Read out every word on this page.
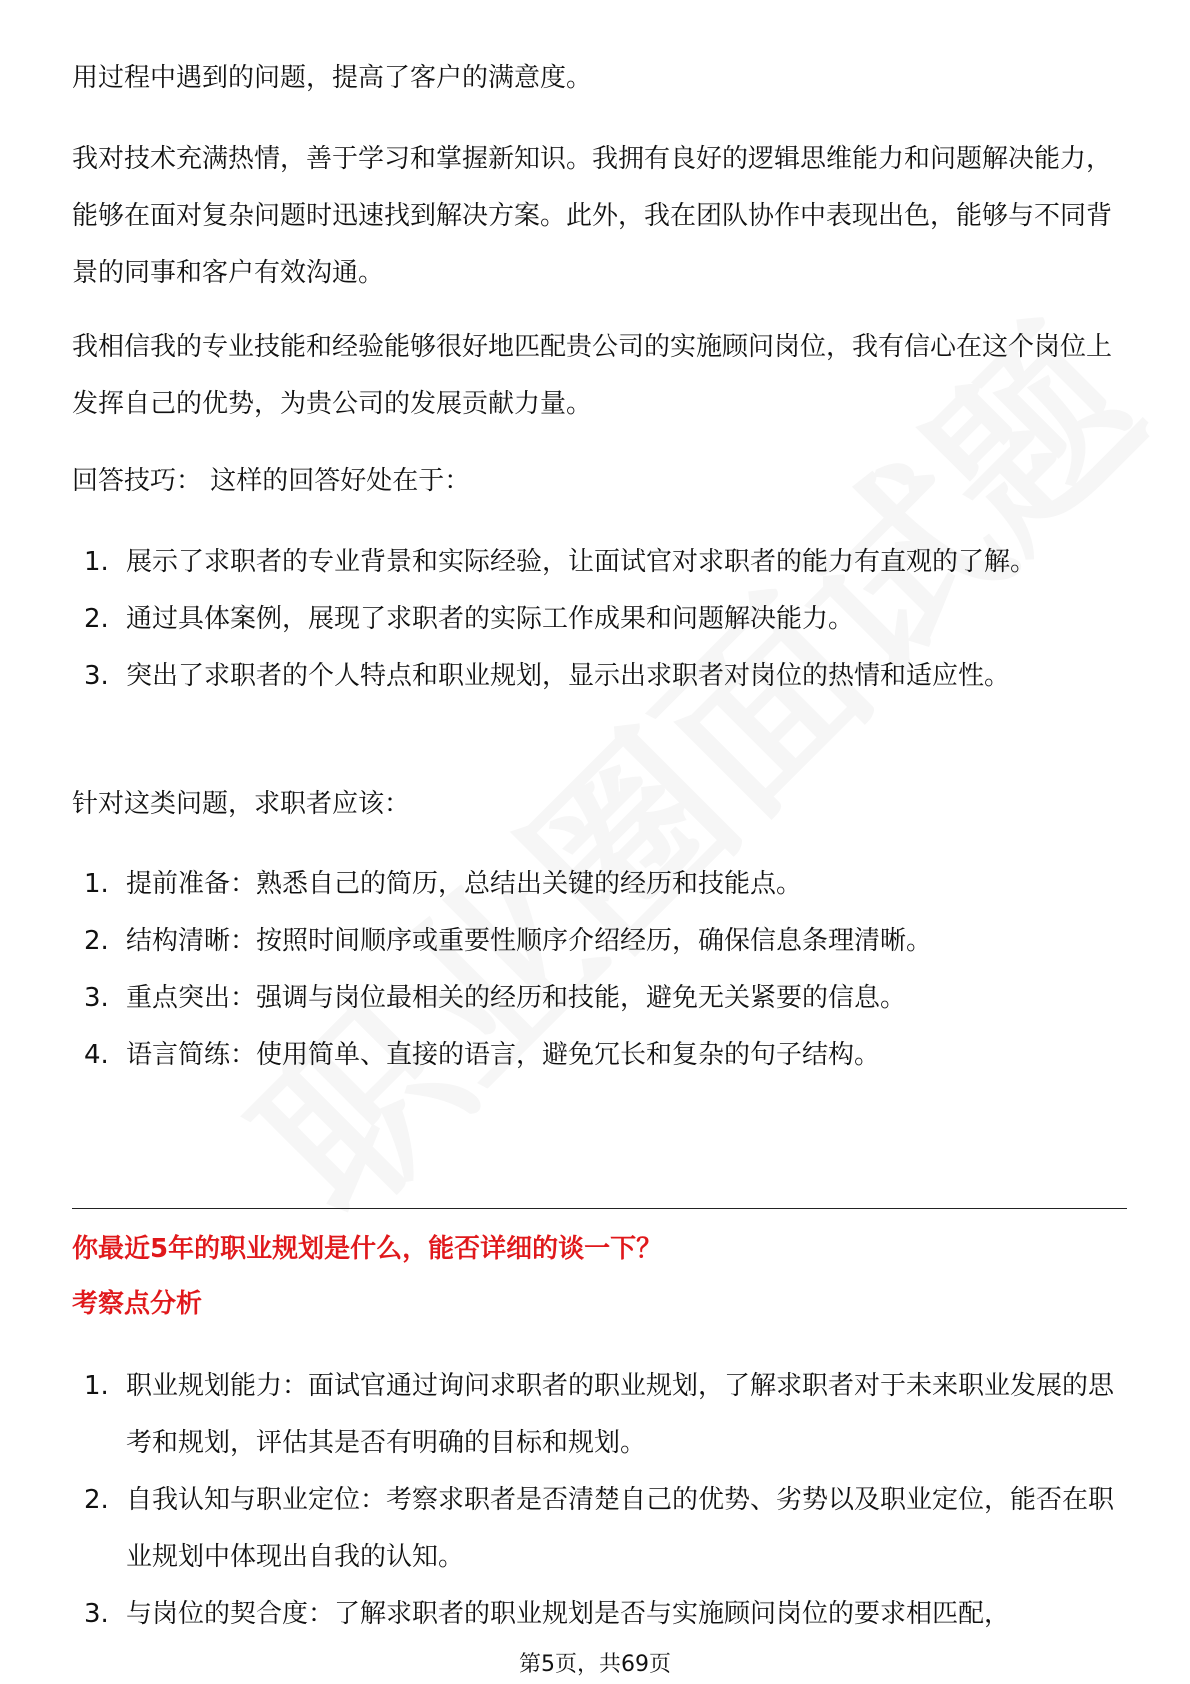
用过程中遇到的问题，提高了客户的满意度。

我对技术充满热情，善于学习和掌握新知识。我拥有良好的逻辑思维能力和问题解决能力，能够在面对复杂问题时迅速找到解决方案。此外，我在团队协作中表现出色，能够与不同背景的同事和客户有效沟通。

我相信我的专业技能和经验能够很好地匹配贵公司的实施顾问岗位，我有信心在这个岗位上发挥自己的优势，为贵公司的发展贡献力量。

回答技巧： 这样的回答好处在于：

1. 展示了求职者的专业背景和实际经验，让面试官对求职者的能力有直观的了解。
2. 通过具体案例，展现了求职者的实际工作成果和问题解决能力。
3. 突出了求职者的个人特点和职业规划，显示出求职者对岗位的热情和适应性。

针对这类问题，求职者应该：

1. 提前准备：熟悉自己的简历，总结出关键的经历和技能点。
2. 结构清晰：按照时间顺序或重要性顺序介绍经历，确保信息条理清晰。
3. 重点突出：强调与岗位最相关的经历和技能，避免无关紧要的信息。
4. 语言简练：使用简单、直接的语言，避免冗长和复杂的句子结构。
你最近5年的职业规划是什么，能否详细的谈一下？
考察点分析
1. 职业规划能力：面试官通过询问求职者的职业规划，了解求职者对于未来职业发展的思考和规划，评估其是否有明确的目标和规划。
2. 自我认知与职业定位：考察求职者是否清楚自己的优势、劣势以及职业定位，能否在职业规划中体现出自我的认知。
3. 与岗位的契合度：了解求职者的职业规划是否与实施顾问岗位的要求相匹配，
第5页，共69页
